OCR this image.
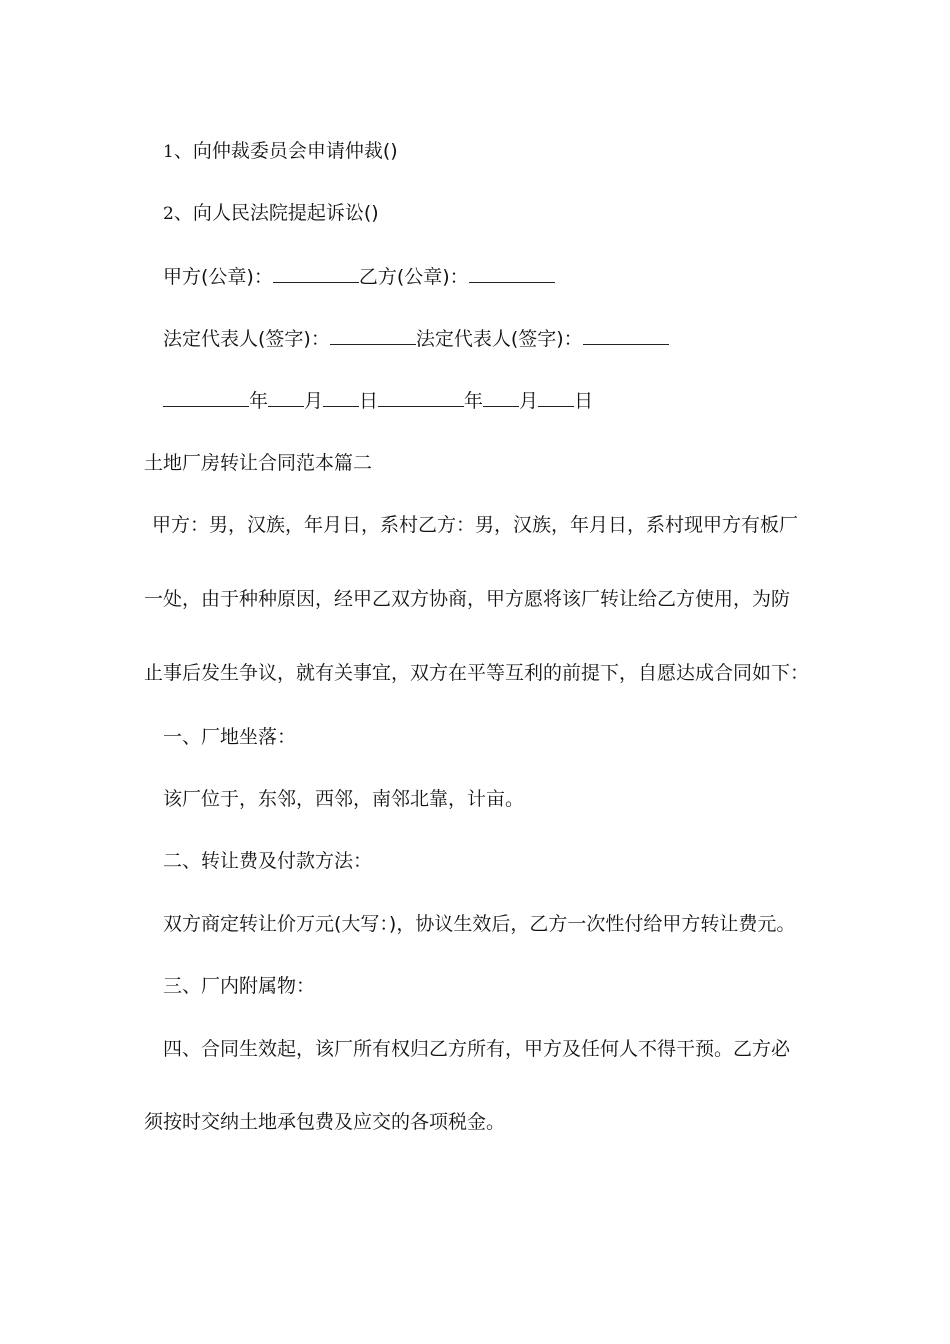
1、向仲裁委员会申请仲裁()
2、向人民法院提起诉讼()
甲方(公章)：	乙方(公章)：
法定代表人(签字)：	法定代表人(签字)：
年 月 日	年 月 日
土地厂房转让合同范本篇二
甲方：男，汉族，年月日，系村乙方：男，汉族，年月日，系村现甲方有板厂
一处，由于种种原因，经甲乙双方协商，甲方愿将该厂转让给乙方使用，为防
止事后发生争议，就有关事宜，双方在平等互利的前提下，自愿达成合同如下：
一、厂地坐落：
该厂位于，东邻，西邻，南邻北靠，计亩。
二、转让费及付款方法：
双方商定转让价万元(大写：)，协议生效后，乙方一次性付给甲方转让费元。
三、厂内附属物：
四、合同生效起，该厂所有权归乙方所有，甲方及任何人不得干预。乙方必
须按时交纳土地承包费及应交的各项税金。
